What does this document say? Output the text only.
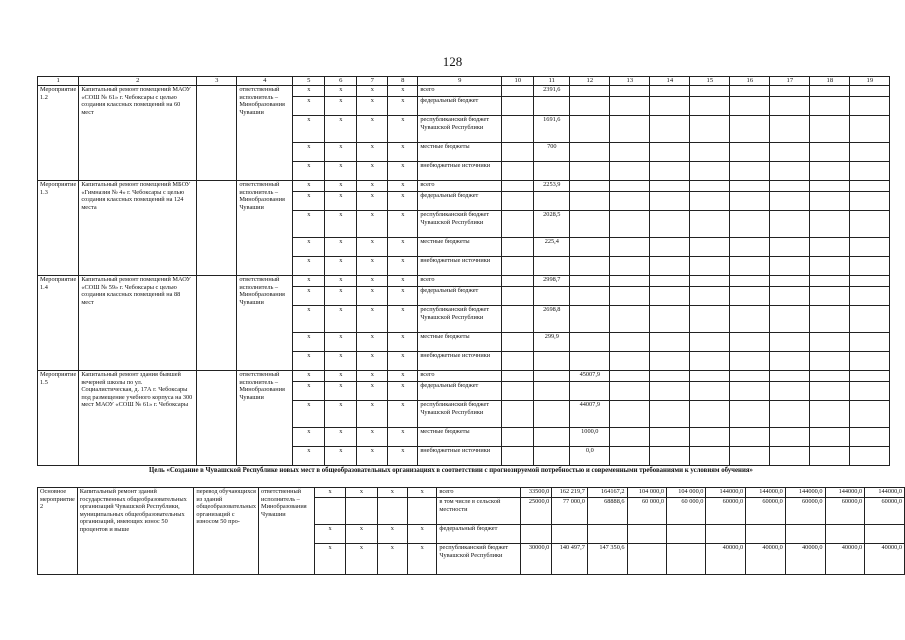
128
1	2	3	4	5	6	7	8	9	10	11	12	13	14	15	16	17	18	19
Мероприятие 1.2	Капитальный ремонт помещений МАОУ «СОШ № 61» г. Чебоксары с целью создания классных помещений на 60 мест		ответственный исполнитель – Минобразования Чувашии	х	х	х	х	всего		2391,6								
				х	х	х	х	федеральный бюджет										
				х	х	х	х	республиканский бюджет Чувашской Республики		1691,6								
				х	х	х	х	местные бюджеты		700								
				х	х	х	х	внебюджетные источники										
Мероприятие 1.3	Капитальный ремонт помещений МБОУ «Гимназия № 4» г. Чебоксары с целью создания классных помещений на 124 места		ответственный исполнитель – Минобразования Чувашии	х	х	х	х	всего		2253,9								
				х	х	х	х	федеральный бюджет										
				х	х	х	х	республиканский бюджет Чувашской Республики		2028,5								
				х	х	х	х	местные бюджеты		225,4								
				х	х	х	х	внебюджетные источники										
Мероприятие 1.4	Капитальный ремонт помещений МАОУ «СОШ № 59» г. Чебоксары с целью создания классных помещений на 88 мест		ответственный исполнитель – Минобразования Чувашии	х	х	х	х	всего		2998,7								
				х	х	х	х	федеральный бюджет										
				х	х	х	х	республиканский бюджет Чувашской Республики		2698,8								
				х	х	х	х	местные бюджеты		299,9								
				х	х	х	х	внебюджетные источники										
Мероприятие 1.5	Капитальный ремонт здания бывшей вечерней школы по ул. Социалистическая, д. 17А г. Чебоксары под размещение учебного корпуса на 300 мест МАОУ «СОШ № 61» г. Чебоксары		ответственный исполнитель – Минобразования Чувашии	х	х	х	х	всего			45007,9							
				х	х	х	х	федеральный бюджет										
				х	х	х	х	республиканский бюджет Чувашской Республики			44007,9							
				х	х	х	х	местные бюджеты			1000,0							
				х	х	х	х	внебюджетные источники			0,0							
Цель «Создание в Чувашской Республике новых мест в общеобразовательных организациях в соответствии с прогнозируемой потребностью и современными требованиями к условиям обучения»
Основное мероприятие 2	Капитальный ремонт зданий государственных общеобразовательных организаций Чувашской Республики, муниципальных общеобразовательных организаций, имеющих износ 50 процентов и выше	перевод обучающихся из зданий общеобразовательных организаций с износом 50 про-	ответственный исполнитель – Минобразования Чувашии	х	х	х	х	всего	33500,0	162 219,7	164167,2	104 000,0	104 000,0	144000,0	144000,0	144000,0	144000,0	144000,0
								в том числе в сельской местности	25000,0	77 000,0	68888,6	60 000,0	60 000,0	60000,0	60000,0	60000,0	60000,0	60000,0
				х	х	х	х	федеральный бюджет										
				х	х	х	х	республиканский бюджет Чувашской Республики	30000,0	140 497,7	147 350,6			40000,0	40000,0	40000,0	40000,0	40000,0
